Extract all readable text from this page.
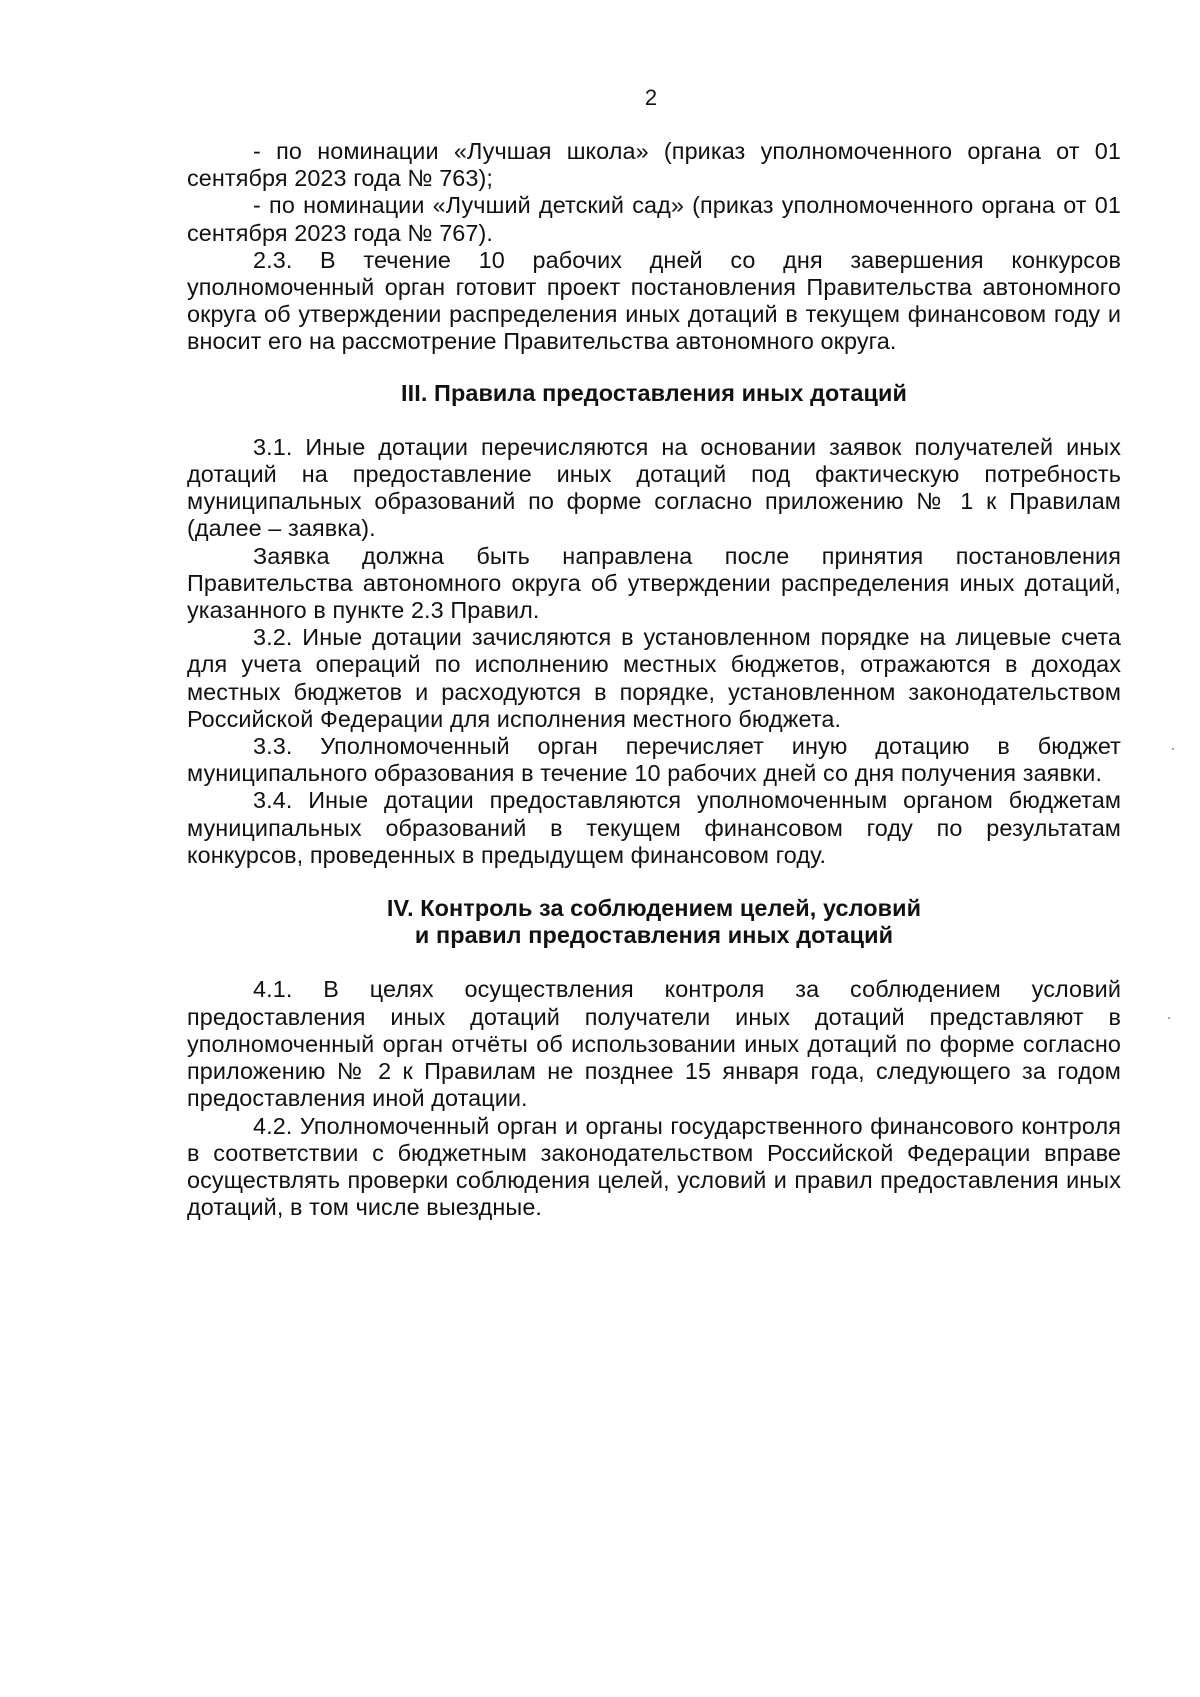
2

- по номинации «Лучшая школа» (приказ уполномоченного органа от 01 сентября 2023 года № 763);

- по номинации «Лучший детский сад» (приказ уполномоченного органа от 01 сентября 2023 года № 767).

2.3. В течение 10 рабочих дней со дня завершения конкурсов уполномоченный орган готовит проект постановления Правительства автономного округа об утверждении распределения иных дотаций в текущем финансовом году и вносит его на рассмотрение Правительства автономного округа.

III. Правила предоставления иных дотаций

3.1. Иные дотации перечисляются на основании заявок получателей иных дотаций на предоставление иных дотаций под фактическую потребность муниципальных образований по форме согласно приложению № 1 к Правилам (далее – заявка).

Заявка должна быть направлена после принятия постановления Правительства автономного округа об утверждении распределения иных дотаций, указанного в пункте 2.3 Правил.

3.2. Иные дотации зачисляются в установленном порядке на лицевые счета для учета операций по исполнению местных бюджетов, отражаются в доходах местных бюджетов и расходуются в порядке, установленном законодательством Российской Федерации для исполнения местного бюджета.

3.3. Уполномоченный орган перечисляет иную дотацию в бюджет муниципального образования в течение 10 рабочих дней со дня получения заявки.

3.4. Иные дотации предоставляются уполномоченным органом бюджетам муниципальных образований в текущем финансовом году по результатам конкурсов, проведенных в предыдущем финансовом году.

IV. Контроль за соблюдением целей, условий
и правил предоставления иных дотаций

4.1. В целях осуществления контроля за соблюдением условий предоставления иных дотаций получатели иных дотаций представляют в уполномоченный орган отчёты об использовании иных дотаций по форме согласно приложению № 2 к Правилам не позднее 15 января года, следующего за годом предоставления иной дотации.

4.2. Уполномоченный орган и органы государственного финансового контроля в соответствии с бюджетным законодательством Российской Федерации вправе осуществлять проверки соблюдения целей, условий и правил предоставления иных дотаций, в том числе выездные.
